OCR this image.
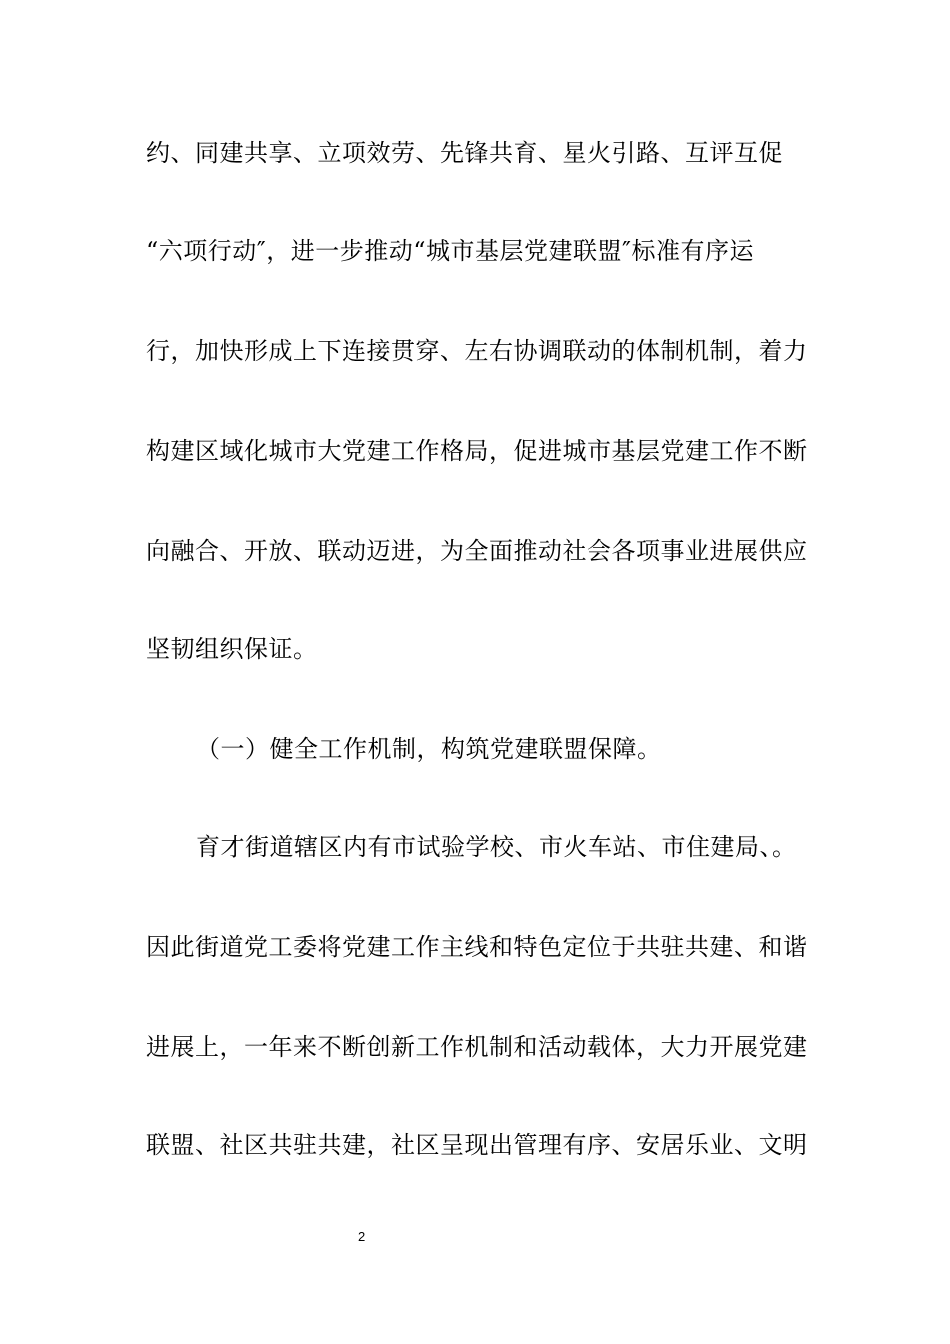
约、同建共享、立项效劳、先锋共育、星火引路、互评互促

“六项行动″，进一步推动“城市基层党建联盟″标准有序运

行，加快形成上下连接贯穿、左右协调联动的体制机制，着力

构建区域化城市大党建工作格局，促进城市基层党建工作不断

向融合、开放、联动迈进，为全面推动社会各项事业进展供应

坚韧组织保证。

（一）健全工作机制，构筑党建联盟保障。

育才街道辖区内有市试验学校、市火车站、市住建局、。

因此街道党工委将党建工作主线和特色定位于共驻共建、和谐

进展上，一年来不断创新工作机制和活动载体，大力开展党建

联盟、社区共驻共建，社区呈现出管理有序、安居乐业、文明

2
